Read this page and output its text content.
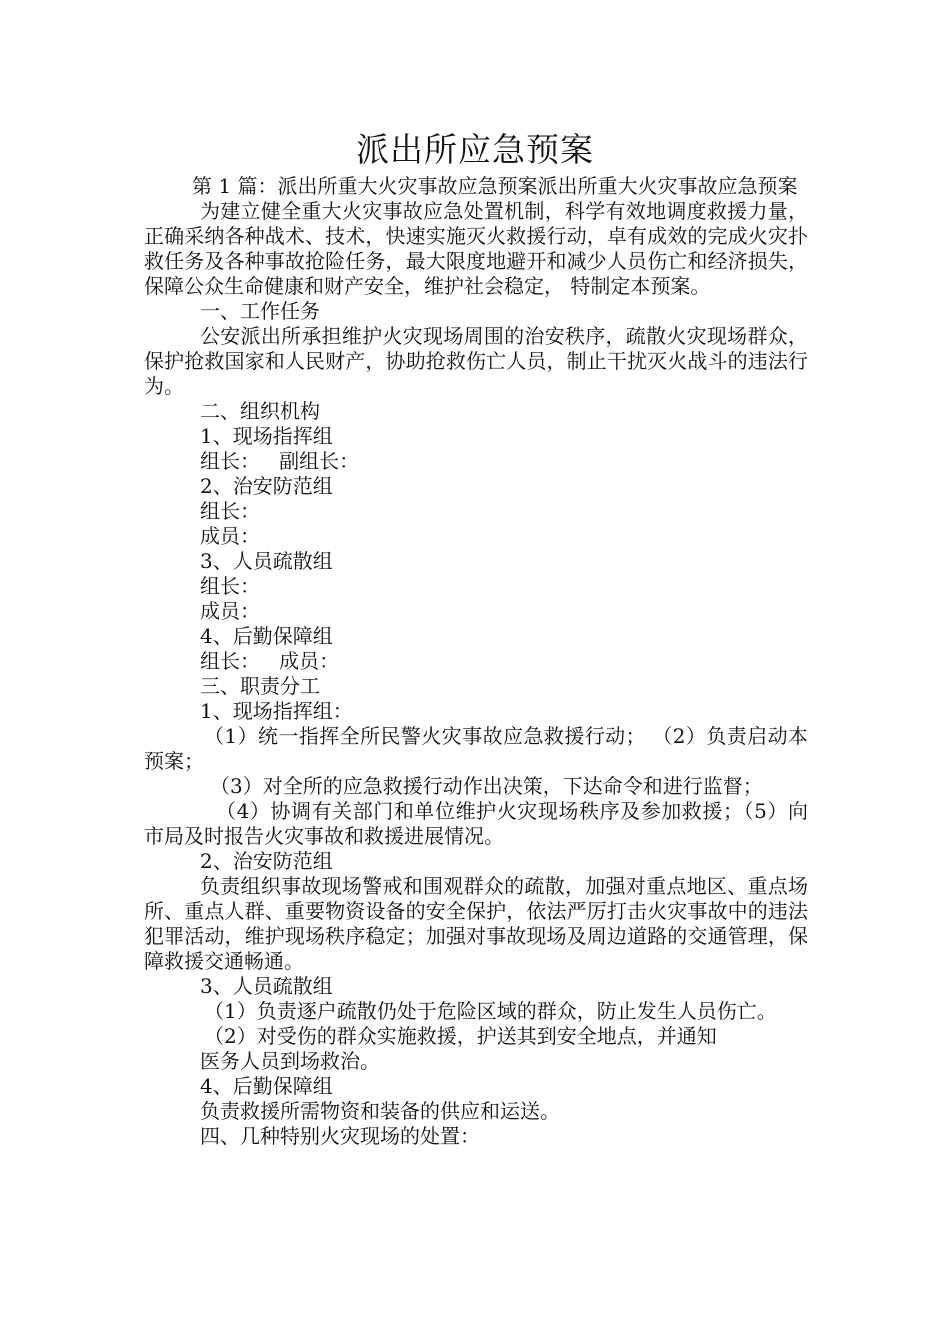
派出所应急预案

第 1 篇：派出所重大火灾事故应急预案派出所重大火灾事故应急预案

为建立健全重大火灾事故应急处置机制，科学有效地调度救援力量，正确采纳各种战术、技术，快速实施灭火救援行动，卓有成效的完成火灾扑救任务及各种事故抢险任务，最大限度地避开和减少人员伤亡和经济损失，保障公众生命健康和财产安全，维护社会稳定， 特制定本预案。

一、工作任务

公安派出所承担维护火灾现场周围的治安秩序，疏散火灾现场群众，保护抢救国家和人民财产，协助抢救伤亡人员，制止干扰灭火战斗的违法行为。

二、组织机构

1、现场指挥组

组长：   副组长：

2、治安防范组

组长：

成员：

3、人员疏散组

组长：

成员：

4、后勤保障组

组长：   成员：

三、职责分工

1、现场指挥组：

（1）统一指挥全所民警火灾事故应急救援行动； （2）负责启动本预案；

（3）对全所的应急救援行动作出决策，下达命令和进行监督；

（4）协调有关部门和单位维护火灾现场秩序及参加救援；（5）向市局及时报告火灾事故和救援进展情况。

2、治安防范组

负责组织事故现场警戒和围观群众的疏散，加强对重点地区、重点场所、重点人群、重要物资设备的安全保护，依法严厉打击火灾事故中的违法犯罪活动，维护现场秩序稳定；加强对事故现场及周边道路的交通管理，保障救援交通畅通。

3、人员疏散组

（1）负责逐户疏散仍处于危险区域的群众，防止发生人员伤亡。

（2）对受伤的群众实施救援，护送其到安全地点，并通知

医务人员到场救治。

4、后勤保障组

负责救援所需物资和装备的供应和运送。

四、几种特别火灾现场的处置：
